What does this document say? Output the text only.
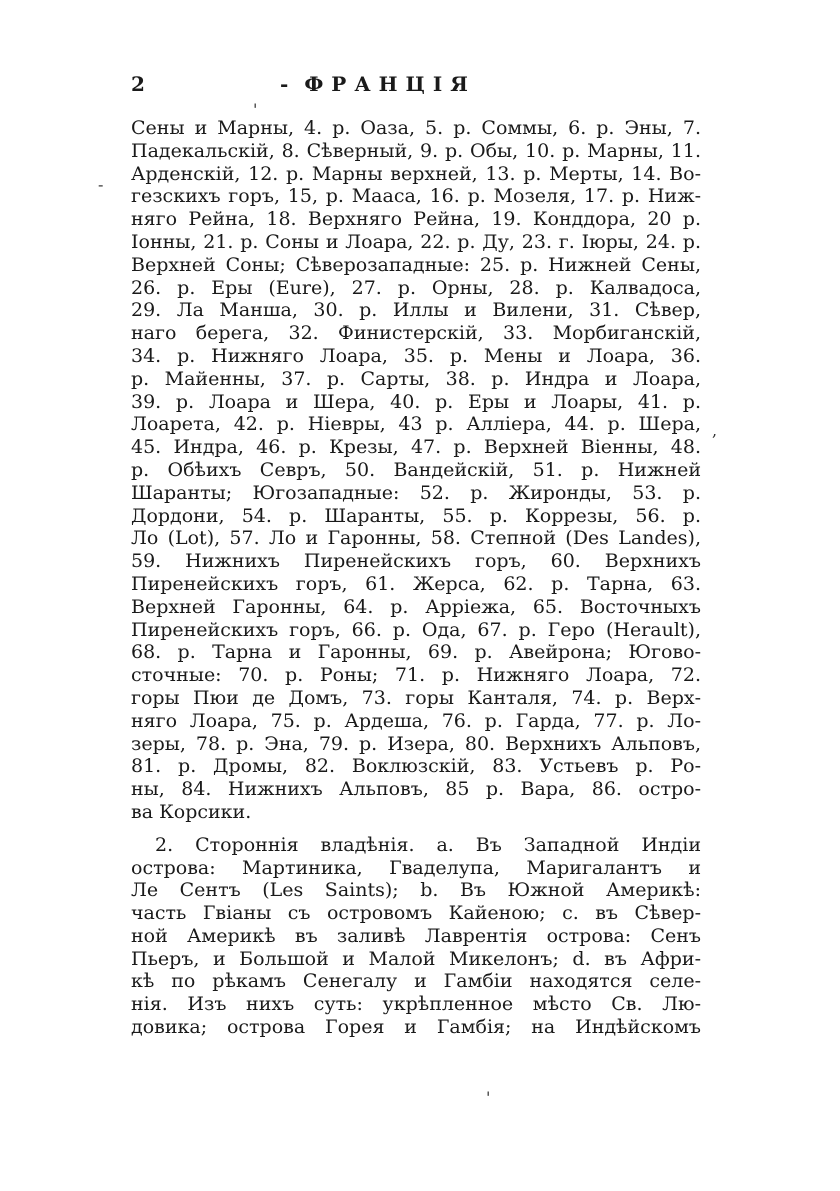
2	- ФРАНЦІЯ
'
-
,
'
Сены и Марны, 4. р. Оаза, 5. р. Соммы, 6. р. Эны, 7.
Падекальскій, 8. Сѣверный, 9. р. Обы, 10. р. Марны, 11.
Арденскій, 12. р. Марны верхней, 13. р. Мерты, 14. Во-
гезскихъ горъ, 15, р. Мааса, 16. р. Мозеля, 17. р. Ниж-
няго Рейна, 18. Верхняго Рейна, 19. Конддора, 20 р.
Іонны, 21. р. Соны и Лоара, 22. р. Ду, 23. г. Іюры, 24. р.
Верхней Соны; Сѣверозападные: 25. р. Нижней Сены,
26. р. Еры (Eure), 27. р. Орны, 28. р. Калвадоса,
29. Ла Манша, 30. р. Иллы и Вилени, 31. Сѣвер,
наго берега, 32. Финистерскій, 33. Морбиганскій,
34. р. Нижняго Лоара, 35. р. Мены и Лоара, 36.
р. Майенны, 37. р. Сарты, 38. р. Индра и Лоара,
39. р. Лоара и Шера, 40. р. Еры и Лоары, 41. р.
Лоарета, 42. р. Ніевры, 43 р. Алліера, 44. р. Шера,
45. Индра, 46. р. Крезы, 47. р. Верхней Віенны, 48.
р. Обѣихъ Севръ, 50. Вандейскій, 51. р. Нижней
Шаранты; Югозападные: 52. р. Жиронды, 53. р.
Дордони, 54. р. Шаранты, 55. р. Коррезы, 56. р.
Ло (Lot), 57. Ло и Гаронны, 58. Степной (Des Landes),
59. Нижнихъ Пиренейскихъ горъ, 60. Верхнихъ
Пиренейскихъ горъ, 61. Жерса, 62. р. Тарна, 63.
Верхней Гаронны, 64. р. Арріежа, 65. Восточныхъ
Пиренейскихъ горъ, 66. р. Ода, 67. р. Геро (Herault),
68. р. Тарна и Гаронны, 69. р. Авейрона; Югово-
сточные: 70. р. Роны; 71. р. Нижняго Лоара, 72.
горы Пюи де Домъ, 73. горы Канталя, 74. р. Верх-
няго Лоара, 75. р. Ардеша, 76. р. Гарда, 77. р. Ло-
зеры, 78. р. Эна, 79. р. Изера, 80. Верхнихъ Альповъ,
81. р. Дромы, 82. Воклюзскій, 83. Устьевъ р. Ро-
ны, 84. Нижнихъ Альповъ, 85 р. Вара, 86. остро-
ва Корсики.
2. Стороннія владѣнія. a. Въ Западной Индіи
острова: Мартиника, Гваделупа, Маригалантъ и
Ле Сентъ (Les Saints); b. Въ Южной Америкѣ:
часть Гвіаны съ островомъ Кайеною; c. въ Сѣвер-
ной Америкѣ въ заливѣ Лаврентія острова: Сенъ
Пьеръ, и Большой и Малой Микелонъ; d. въ Афри-
кѣ по рѣкамъ Сенегалу и Гамбіи находятся селе-
нія. Изъ нихъ суть: укрѣпленное мѣсто Св. Лю-
довика; острова Горея и Гамбія; на Индѣйскомъ
